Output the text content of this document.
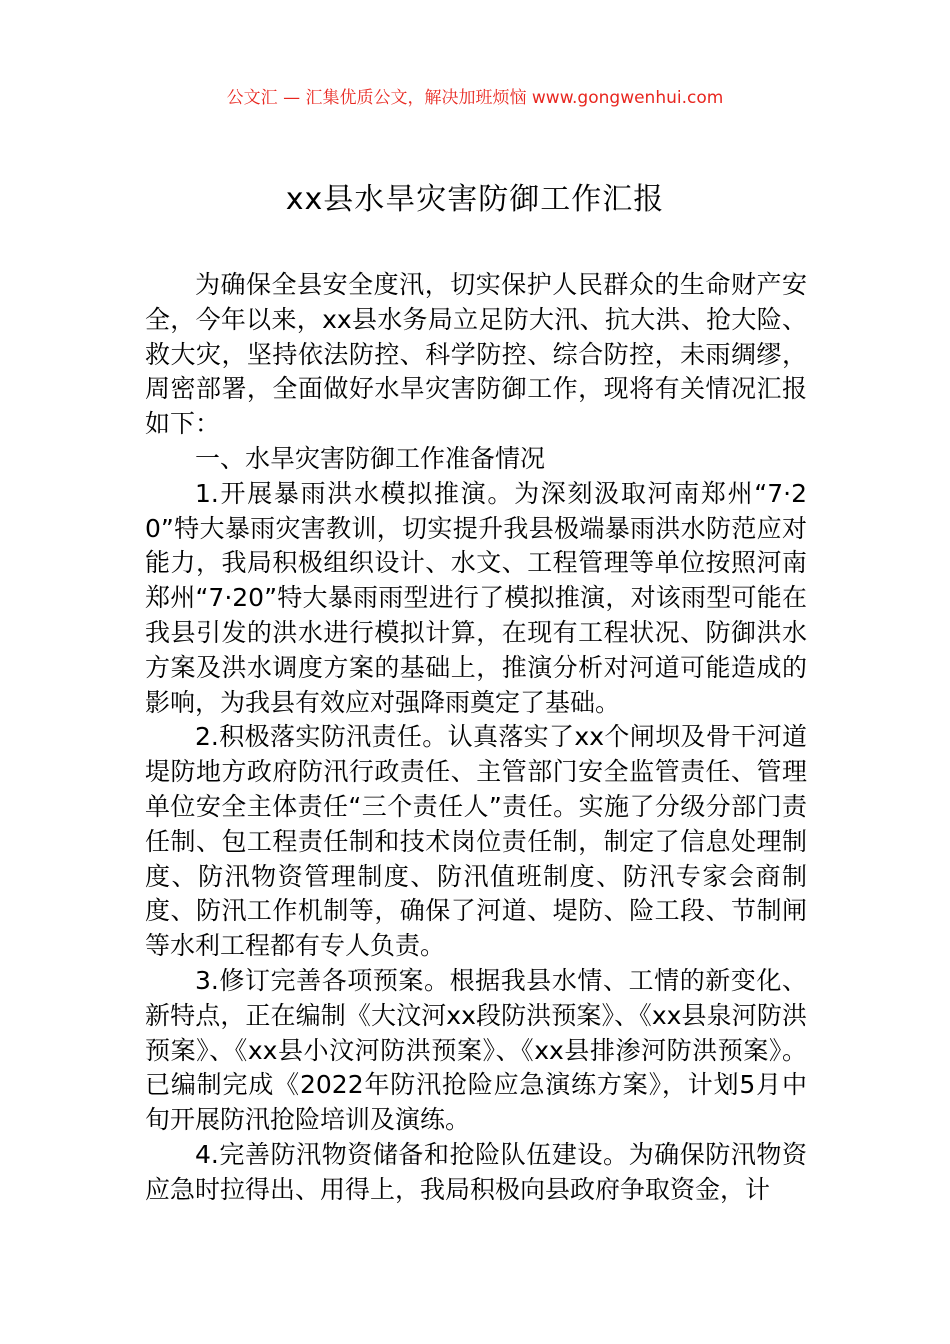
公文汇 — 汇集优质公文，解决加班烦恼 www.gongwenhui.com
xx县水旱灾害防御工作汇报

为确保全县安全度汛，切实保护人民群众的生命财产安全，今年以来，xx县水务局立足防大汛、抗大洪、抢大险、救大灾，坚持依法防控、科学防控、综合防控，未雨绸缪，周密部署，全面做好水旱灾害防御工作，现将有关情况汇报如下：

一、水旱灾害防御工作准备情况

1.开展暴雨洪水模拟推演。为深刻汲取河南郑州“7·20”特大暴雨灾害教训，切实提升我县极端暴雨洪水防范应对能力，我局积极组织设计、水文、工程管理等单位按照河南郑州“7·20”特大暴雨雨型进行了模拟推演，对该雨型可能在我县引发的洪水进行模拟计算，在现有工程状况、防御洪水方案及洪水调度方案的基础上，推演分析对河道可能造成的影响，为我县有效应对强降雨奠定了基础。

2.积极落实防汛责任。认真落实了xx个闸坝及骨干河道堤防地方政府防汛行政责任、主管部门安全监管责任、管理单位安全主体责任“三个责任人”责任。实施了分级分部门责任制、包工程责任制和技术岗位责任制，制定了信息处理制度、防汛物资管理制度、防汛值班制度、防汛专家会商制度、防汛工作机制等，确保了河道、堤防、险工段、节制闸等水利工程都有专人负责。

3.修订完善各项预案。根据我县水情、工情的新变化、新特点，正在编制《大汶河xx段防洪预案》、《xx县泉河防洪预案》、《xx县小汶河防洪预案》、《xx县排渗河防洪预案》。已编制完成《2022年防汛抢险应急演练方案》，计划5月中旬开展防汛抢险培训及演练。

4.完善防汛物资储备和抢险队伍建设。为确保防汛物资应急时拉得出、用得上，我局积极向县政府争取资金，计
